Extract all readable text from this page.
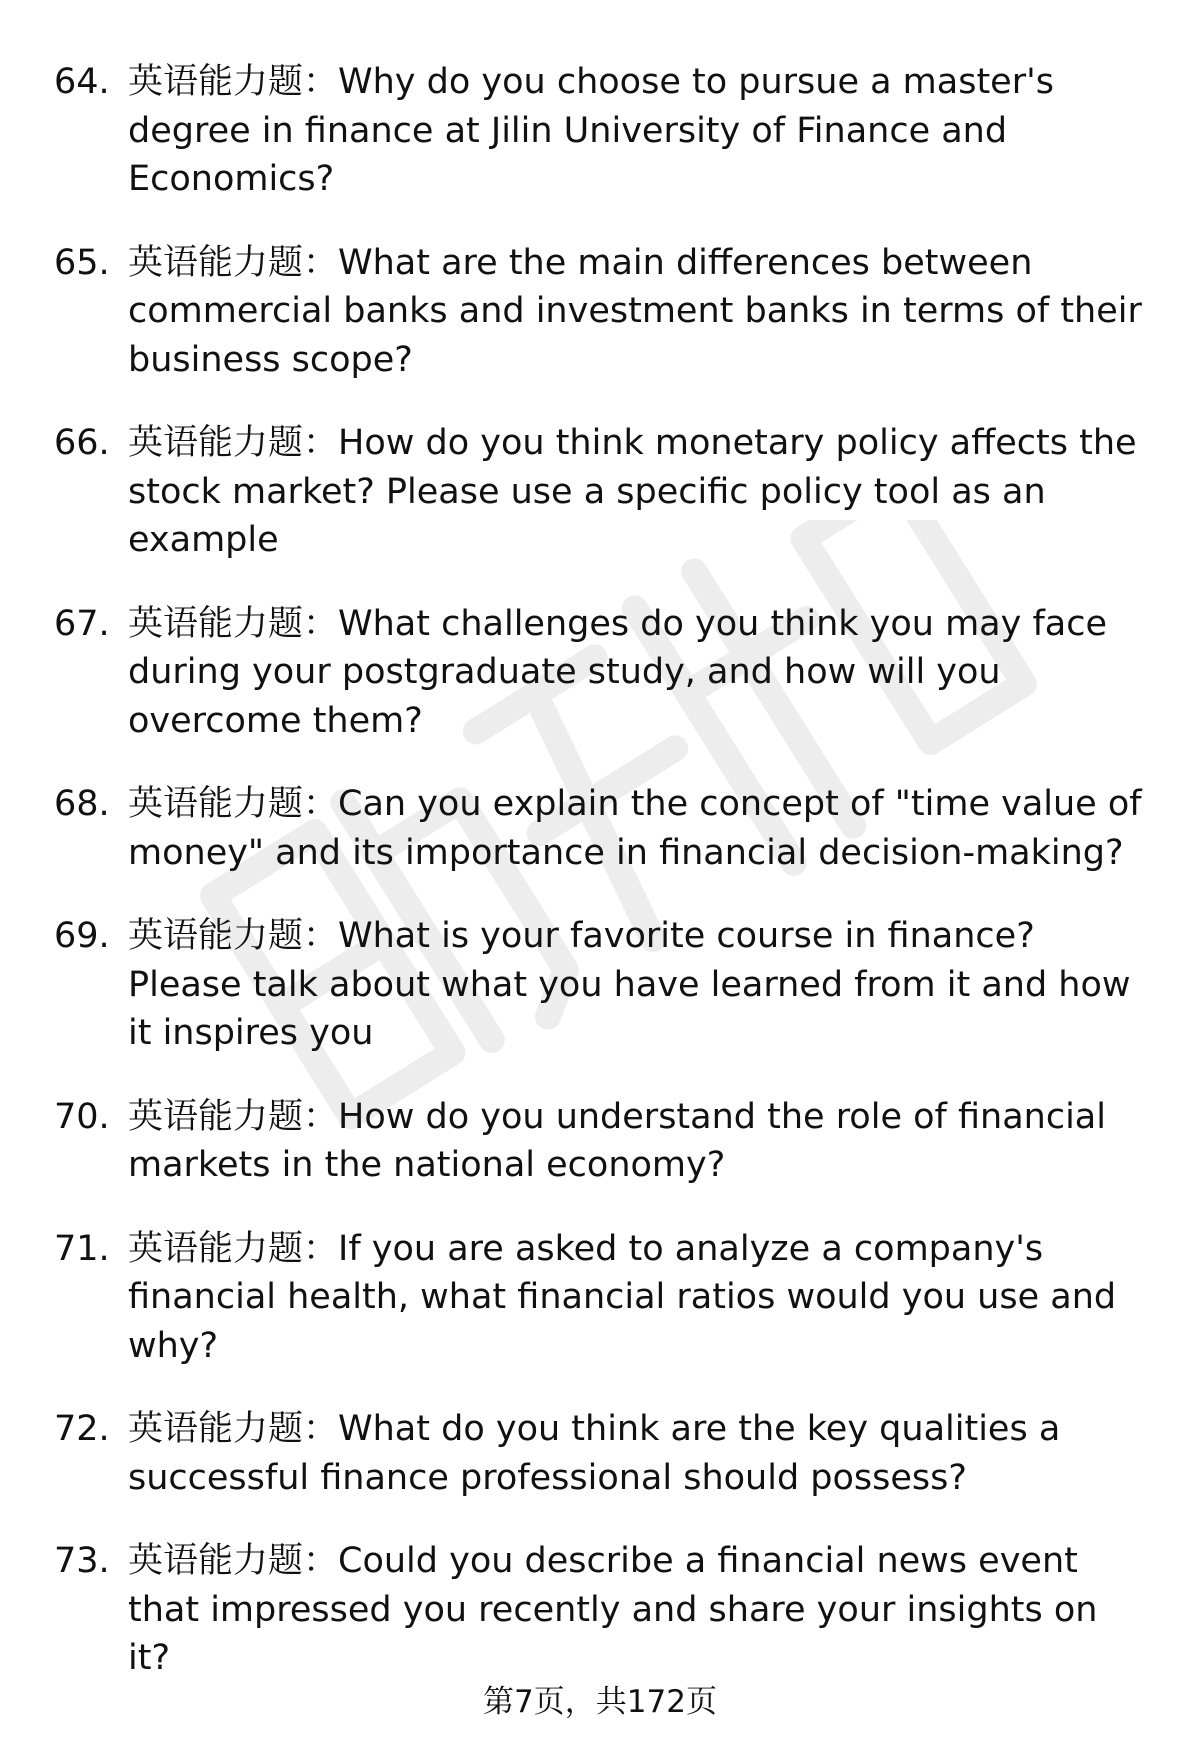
64. 英语能力题：Why do you choose to pursue a master's degree in finance at Jilin University of Finance and Economics?
65. 英语能力题：What are the main differences between commercial banks and investment banks in terms of their business scope?
66. 英语能力题：How do you think monetary policy affects the stock market? Please use a specific policy tool as an example
67. 英语能力题：What challenges do you think you may face during your postgraduate study, and how will you overcome them?
68. 英语能力题：Can you explain the concept of "time value of money" and its importance in financial decision-making?
69. 英语能力题：What is your favorite course in finance? Please talk about what you have learned from it and how it inspires you
70. 英语能力题：How do you understand the role of financial markets in the national economy?
71. 英语能力题：If you are asked to analyze a company's financial health, what financial ratios would you use and why?
72. 英语能力题：What do you think are the key qualities a successful finance professional should possess?
73. 英语能力题：Could you describe a financial news event that impressed you recently and share your insights on it?
第7页，共172页
